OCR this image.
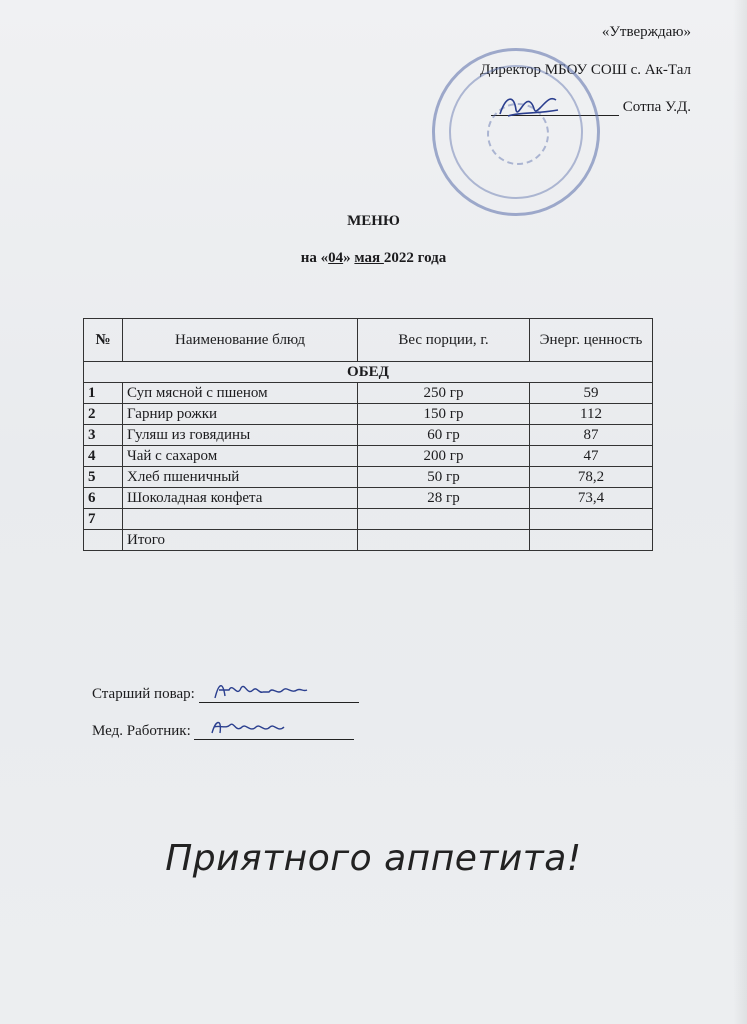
«Утверждаю»
Директор МБОУ СОШ с. Ак-Тал
Сотпа У.Д.
МЕНЮ
на «04» мая 2022 года
№	Наименование блюд	Вес порции, г.	Энерг. ценность
ОБЕД			
1	Суп мясной с пшеном	250 гр	59
2	Гарнир рожки	150 гр	112
3	Гуляш из говядины	60 гр	87
4	Чай с сахаром	200 гр	47
5	Хлеб пшеничный	50 гр	78,2
6	Шоколадная конфета	28 гр	73,4
7			
	Итого		
Старший повар:
Мед. Работник:
Приятного аппетита!
